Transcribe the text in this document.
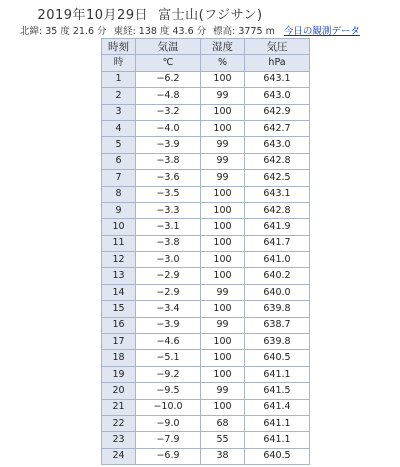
2019年10月29日 富士山(フジサン)
北緯: 35 度 21.6 分 東経: 138 度 43.6 分 標高: 3775 m 今日の観測データ
時刻	気温	湿度	気圧
時	℃	%	hPa
1	−6.2	100	643.1
2	−4.8	99	643.0
3	−3.2	100	642.9
4	−4.0	100	642.7
5	−3.9	99	643.0
6	−3.8	99	642.8
7	−3.6	99	642.5
8	−3.5	100	643.1
9	−3.3	100	642.8
10	−3.1	100	641.9
11	−3.8	100	641.7
12	−3.0	100	641.0
13	−2.9	100	640.2
14	−2.9	99	640.0
15	−3.4	100	639.8
16	−3.9	99	638.7
17	−4.6	100	639.8
18	−5.1	100	640.5
19	−9.2	100	641.1
20	−9.5	99	641.5
21	−10.0	100	641.4
22	−9.0	68	641.1
23	−7.9	55	641.1
24	−6.9	38	640.5
